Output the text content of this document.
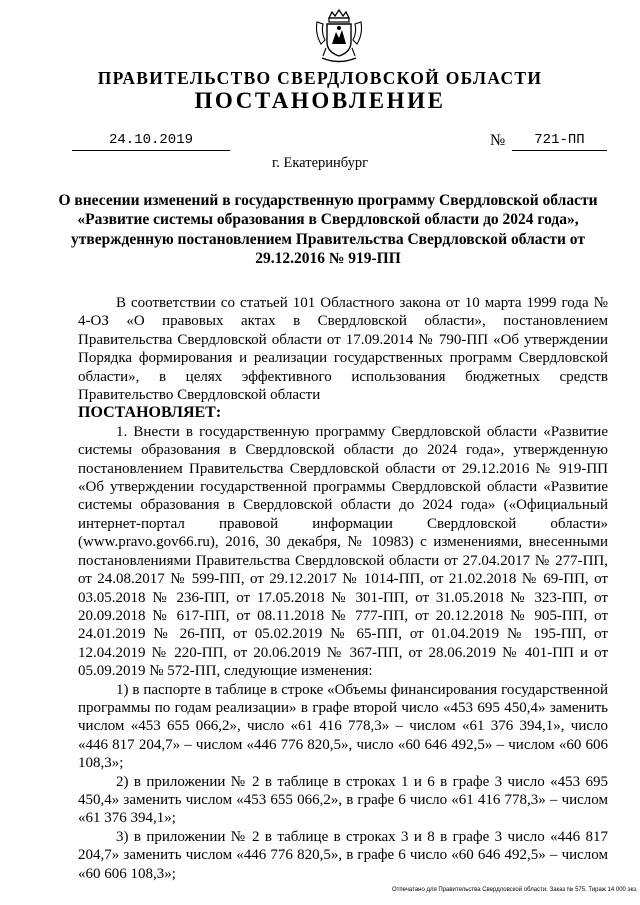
ПРАВИТЕЛЬСТВО СВЕРДЛОВСКОЙ ОБЛАСТИ
ПОСТАНОВЛЕНИЕ
24.10.2019	№	721-ПП
г. Екатеринбург
О внесении изменений в государственную программу Свердловской области «Развитие системы образования в Свердловской области до 2024 года», утвержденную постановлением Правительства Свердловской области от 29.12.2016 № 919-ПП

В соответствии со статьей 101 Областного закона от 10 марта 1999 года № 4-ОЗ «О правовых актах в Свердловской области», постановлением Правительства Свердловской области от 17.09.2014 № 790-ПП «Об утверждении Порядка формирования и реализации государственных программ Свердловской области», в целях эффективного использования бюджетных средств Правительство Свердловской области

ПОСТАНОВЛЯЕТ:

1. Внести в государственную программу Свердловской области «Развитие системы образования в Свердловской области до 2024 года», утвержденную постановлением Правительства Свердловской области от 29.12.2016 № 919-ПП «Об утверждении государственной программы Свердловской области «Развитие системы образования в Свердловской области до 2024 года» («Официальный интернет-портал правовой информации Свердловской области» (www.pravo.gov66.ru), 2016, 30 декабря, № 10983) с изменениями, внесенными постановлениями Правительства Свердловской области от 27.04.2017 № 277-ПП, от 24.08.2017 № 599-ПП, от 29.12.2017 № 1014-ПП, от 21.02.2018 № 69-ПП, от 03.05.2018 № 236-ПП, от 17.05.2018 № 301-ПП, от 31.05.2018 № 323-ПП, от 20.09.2018 № 617-ПП, от 08.11.2018 № 777-ПП, от 20.12.2018 № 905-ПП, от 24.01.2019 № 26-ПП, от 05.02.2019 № 65-ПП, от 01.04.2019 № 195-ПП, от 12.04.2019 № 220-ПП, от 20.06.2019 № 367-ПП, от 28.06.2019 № 401-ПП и от 05.09.2019 № 572-ПП, следующие изменения:

1) в паспорте в таблице в строке «Объемы финансирования государственной программы по годам реализации» в графе второй число «453 695 450,4» заменить числом «453 655 066,2», число «61 416 778,3» – числом «61 376 394,1», число «446 817 204,7» – числом «446 776 820,5», число «60 646 492,5» – числом «60 606 108,3»;

2) в приложении № 2 в таблице в строках 1 и 6 в графе 3 число «453 695 450,4» заменить числом «453 655 066,2», в графе 6 число «61 416 778,3» – числом «61 376 394,1»;

3) в приложении № 2 в таблице в строках 3 и 8 в графе 3 число «446 817 204,7» заменить числом «446 776 820,5», в графе 6 число «60 646 492,5» – числом «60 606 108,3»;

Отпечатано для Правительства Свердловской области. Заказ № 575. Тираж 14 000 экз.
